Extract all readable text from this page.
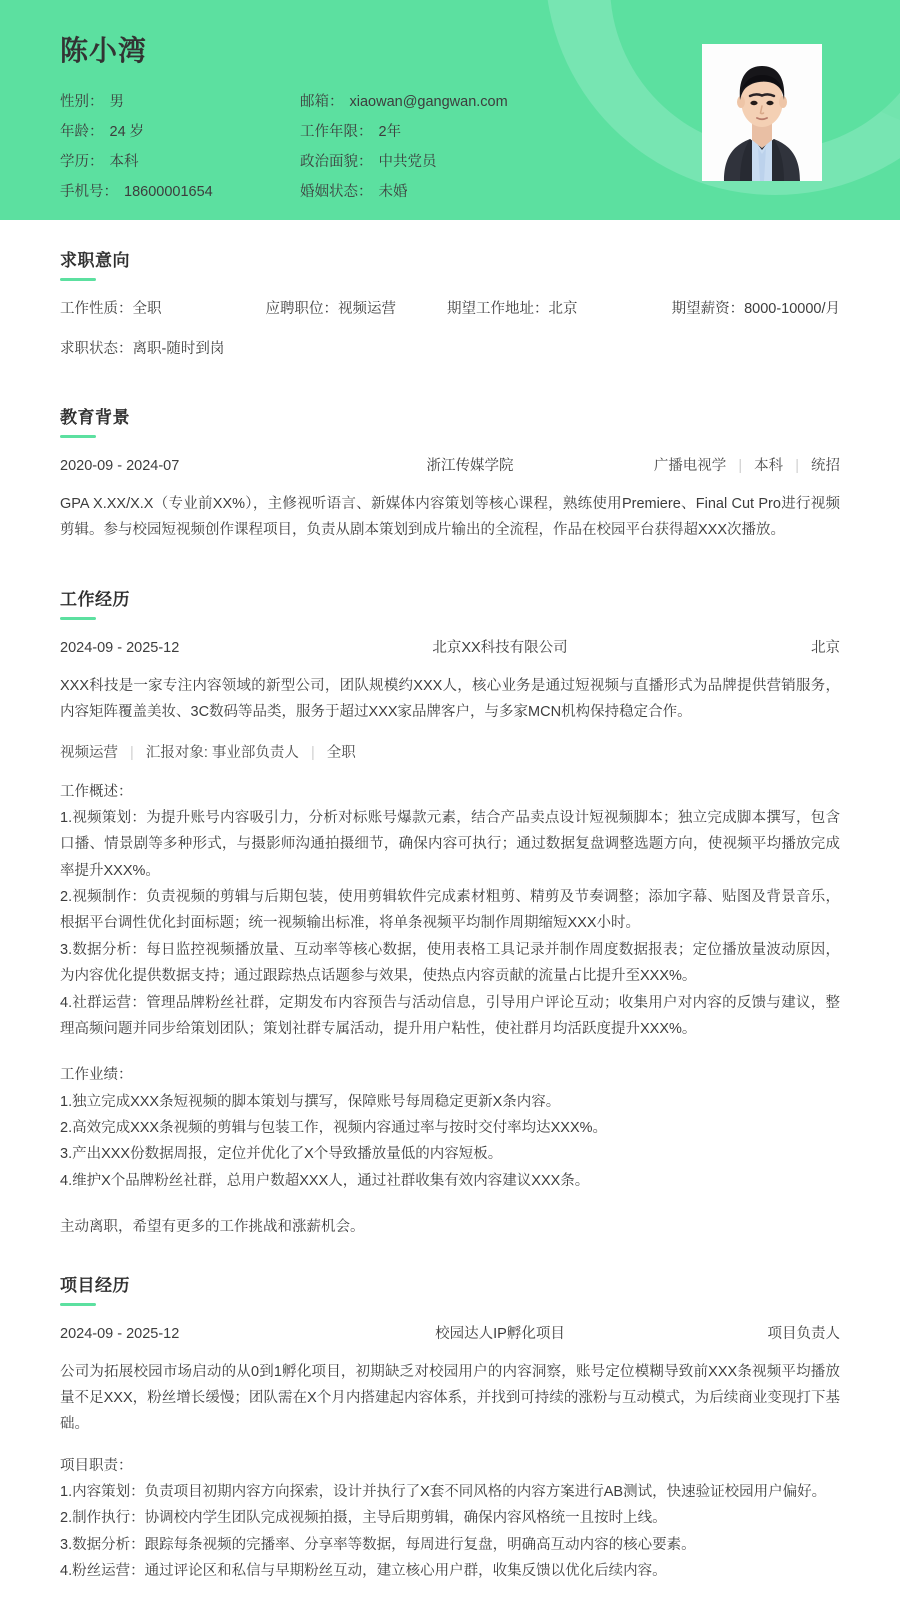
陈小湾
性别 ： 男	邮箱 ： xiaowan@gangwan.com
年龄 ： 24 岁	工作年限 ： 2年
学历 ： 本科	政治面貌 ： 中共党员
手机号 ： 18600001654	婚姻状态 ： 未婚
求职意向
工作性质：全职	应聘职位：视频运营	期望工作地址：北京	期望薪资：8000-10000/月
求职状态：离职-随时到岗
教育背景
2020-09 - 2024-07	浙江传媒学院	广播电视学 | 本科 | 统招
GPA X.XX/X.X（专业前XX%），主修视听语言、新媒体内容策划等核心课程，熟练使用Premiere、Final Cut Pro进行视频剪辑。参与校园短视频创作课程项目，负责从剧本策划到成片输出的全流程，作品在校园平台获得超XXX次播放。
工作经历
2024-09 - 2025-12	北京XX科技有限公司	北京
XXX科技是一家专注内容领域的新型公司，团队规模约XXX人，核心业务是通过短视频与直播形式为品牌提供营销服务，内容矩阵覆盖美妆、3C数码等品类，服务于超过XXX家品牌客户，与多家MCN机构保持稳定合作。
视频运营 | 汇报对象: 事业部负责人 | 全职
工作概述：
1.视频策划：为提升账号内容吸引力，分析对标账号爆款元素，结合产品卖点设计短视频脚本；独立完成脚本撰写，包含口播、情景剧等多种形式，与摄影师沟通拍摄细节，确保内容可执行；通过数据复盘调整选题方向，使视频平均播放完成率提升XXX%。
2.视频制作：负责视频的剪辑与后期包装，使用剪辑软件完成素材粗剪、精剪及节奏调整；添加字幕、贴图及背景音乐，根据平台调性优化封面标题；统一视频输出标准，将单条视频平均制作周期缩短XXX小时。
3.数据分析：每日监控视频播放量、互动率等核心数据，使用表格工具记录并制作周度数据报表；定位播放量波动原因，为内容优化提供数据支持；通过跟踪热点话题参与效果，使热点内容贡献的流量占比提升至XXX%。
4.社群运营：管理品牌粉丝社群，定期发布内容预告与活动信息，引导用户评论互动；收集用户对内容的反馈与建议，整理高频问题并同步给策划团队；策划社群专属活动，提升用户粘性，使社群月均活跃度提升XXX%。
工作业绩：
1.独立完成XXX条短视频的脚本策划与撰写，保障账号每周稳定更新X条内容。
2.高效完成XXX条视频的剪辑与包装工作，视频内容通过率与按时交付率均达XXX%。
3.产出XXX份数据周报，定位并优化了X个导致播放量低的内容短板。
4.维护X个品牌粉丝社群，总用户数超XXX人，通过社群收集有效内容建议XXX条。
主动离职，希望有更多的工作挑战和涨薪机会。
项目经历
2024-09 - 2025-12	校园达人IP孵化项目	项目负责人
公司为拓展校园市场启动的从0到1孵化项目，初期缺乏对校园用户的内容洞察，账号定位模糊导致前XXX条视频平均播放量不足XXX，粉丝增长缓慢；团队需在X个月内搭建起内容体系，并找到可持续的涨粉与互动模式，为后续商业变现打下基础。
项目职责：
1.内容策划：负责项目初期内容方向探索，设计并执行了X套不同风格的内容方案进行AB测试，快速验证校园用户偏好。
2.制作执行：协调校内学生团队完成视频拍摄，主导后期剪辑，确保内容风格统一且按时上线。
3.数据分析：跟踪每条视频的完播率、分享率等数据，每周进行复盘，明确高互动内容的核心要素。
4.粉丝运营：通过评论区和私信与早期粉丝互动，建立核心用户群，收集反馈以优化后续内容。
